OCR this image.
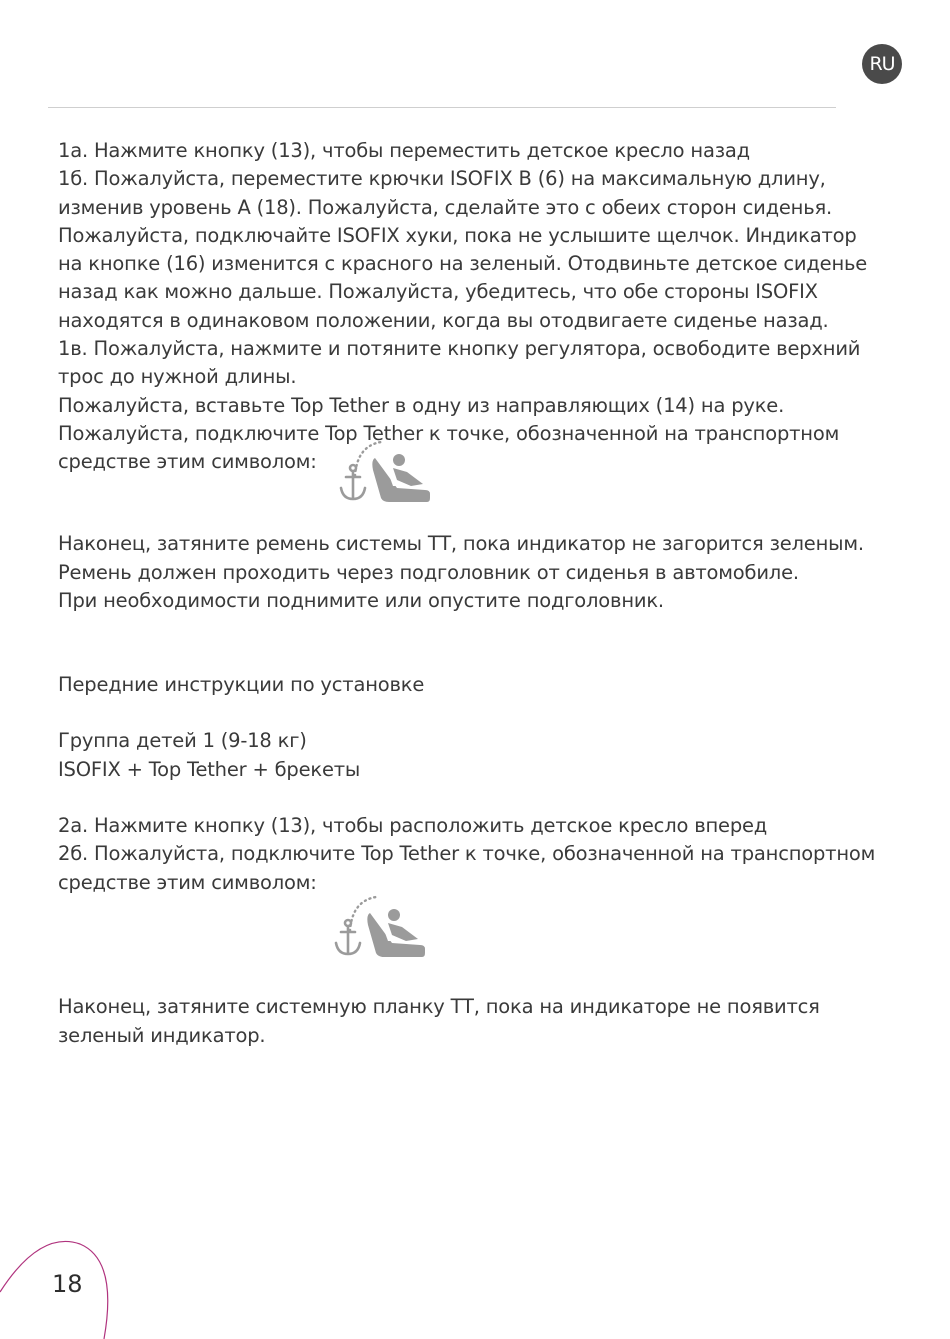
RU

1а. Нажмите кнопку (13), чтобы переместить детское кресло назад
1б. Пожалуйста, переместите крючки ISOFIX B (6) на максимальную длину,
изменив уровень A (18). Пожалуйста, сделайте это с обеих сторон сиденья.
Пожалуйста, подключайте ISOFIX хуки, пока не услышите щелчок. Индикатор
на кнопке (16) изменится с красного на зеленый. Отодвиньте детское сиденье
назад как можно дальше. Пожалуйста, убедитесь, что обе стороны ISOFIX
находятся в одинаковом положении, когда вы отодвигаете сиденье назад.
1в. Пожалуйста, нажмите и потяните кнопку регулятора, освободите верхний
трос до нужной длины.
Пожалуйста, вставьте Top Tether в одну из направляющих (14) на руке.
Пожалуйста, подключите Top Tether к точке, обозначенной на транспортном
средстве этим символом:

Наконец, затяните ремень системы TT, пока индикатор не загорится зеленым.
Ремень должен проходить через подголовник от сиденья в автомобиле.
При необходимости поднимите или опустите подголовник.

Передние инструкции по установке

Группа детей 1 (9-18 кг)
ISOFIX + Top Tether + брекеты

2а. Нажмите кнопку (13), чтобы расположить детское кресло вперед
2б. Пожалуйста, подключите Top Tether к точке, обозначенной на транспортном
средстве этим символом:

Наконец, затяните системную планку TT, пока на индикаторе не появится
зеленый индикатор.

18
